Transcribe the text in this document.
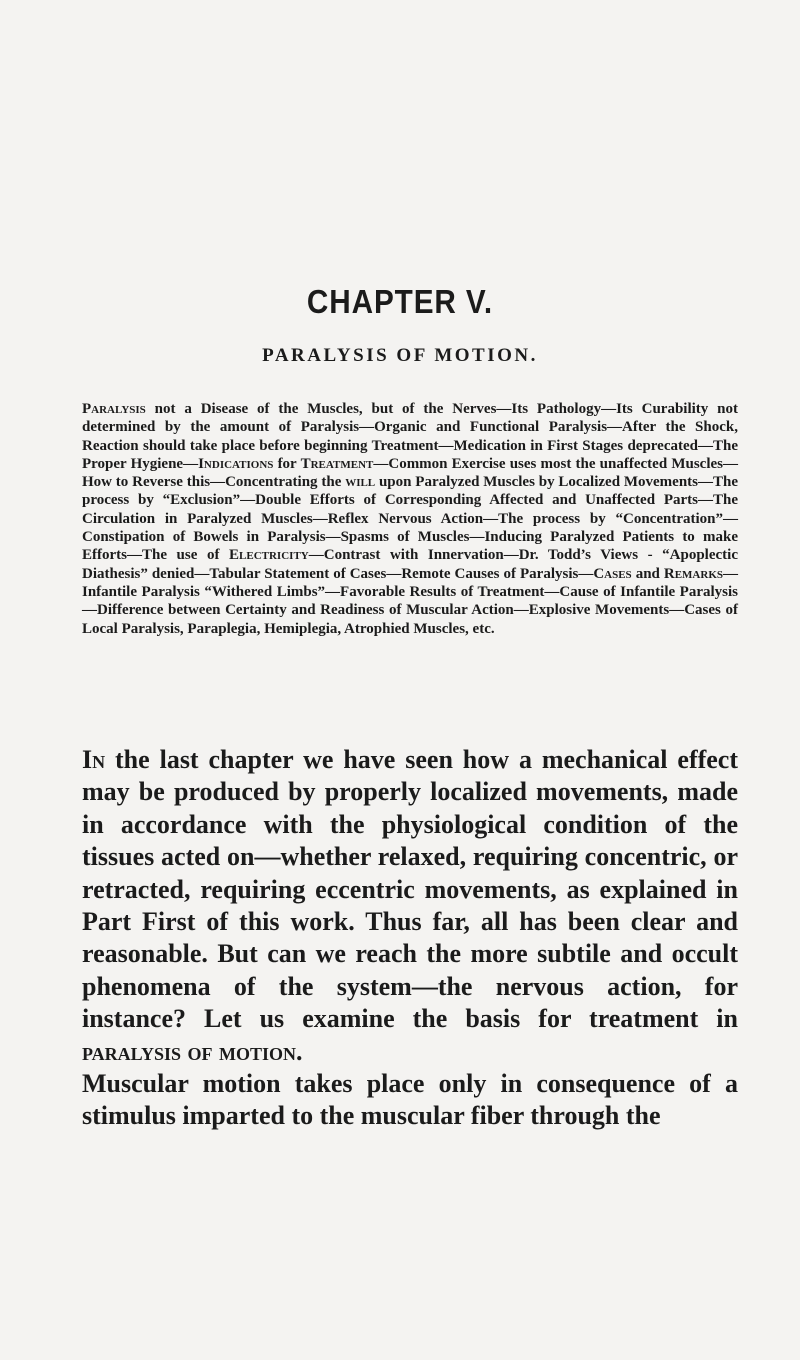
CHAPTER V.
PARALYSIS OF MOTION.
Paralysis not a Disease of the Muscles, but of the Nerves—Its Pathology—Its Curability not determined by the amount of Paralysis—Organic and Functional Paralysis—After the Shock, Reaction should take place before beginning Treatment—Medication in First Stages deprecated—The Proper Hygiene—Indications for Treatment—Common Exercise uses most the unaffected Muscles—How to Reverse this—Concentrating the will upon Paralyzed Muscles by Localized Movements—The process by “Exclusion”—Double Efforts of Corresponding Affected and Unaffected Parts—The Circulation in Paralyzed Muscles—Reflex Nervous Action—The process by “Concentration”—Constipation of Bowels in Paralysis—Spasms of Muscles—Inducing Paralyzed Patients to make Efforts—The use of Electricity—Contrast with Innervation—Dr. Todd’s Views - “Apoplectic Diathesis” denied—Tabular Statement of Cases—Remote Causes of Paralysis—Cases and Remarks—Infantile Paralysis “Withered Limbs”—Favorable Results of Treatment—Cause of Infantile Paralysis—Difference between Certainty and Readiness of Muscular Action—Explosive Movements—Cases of Local Paralysis, Paraplegia, Hemiplegia, Atrophied Muscles, etc.

In the last chapter we have seen how a mechanical effect may be produced by properly localized movements, made in accordance with the physiological condition of the tissues acted on—whether relaxed, requiring concentric, or retracted, requiring eccentric movements, as explained in Part First of this work. Thus far, all has been clear and reasonable. But can we reach the more subtile and occult phenomena of the system—the nervous action, for instance? Let us examine the basis for treatment in paralysis of motion.

Muscular motion takes place only in consequence of a stimulus imparted to the muscular fiber through the
